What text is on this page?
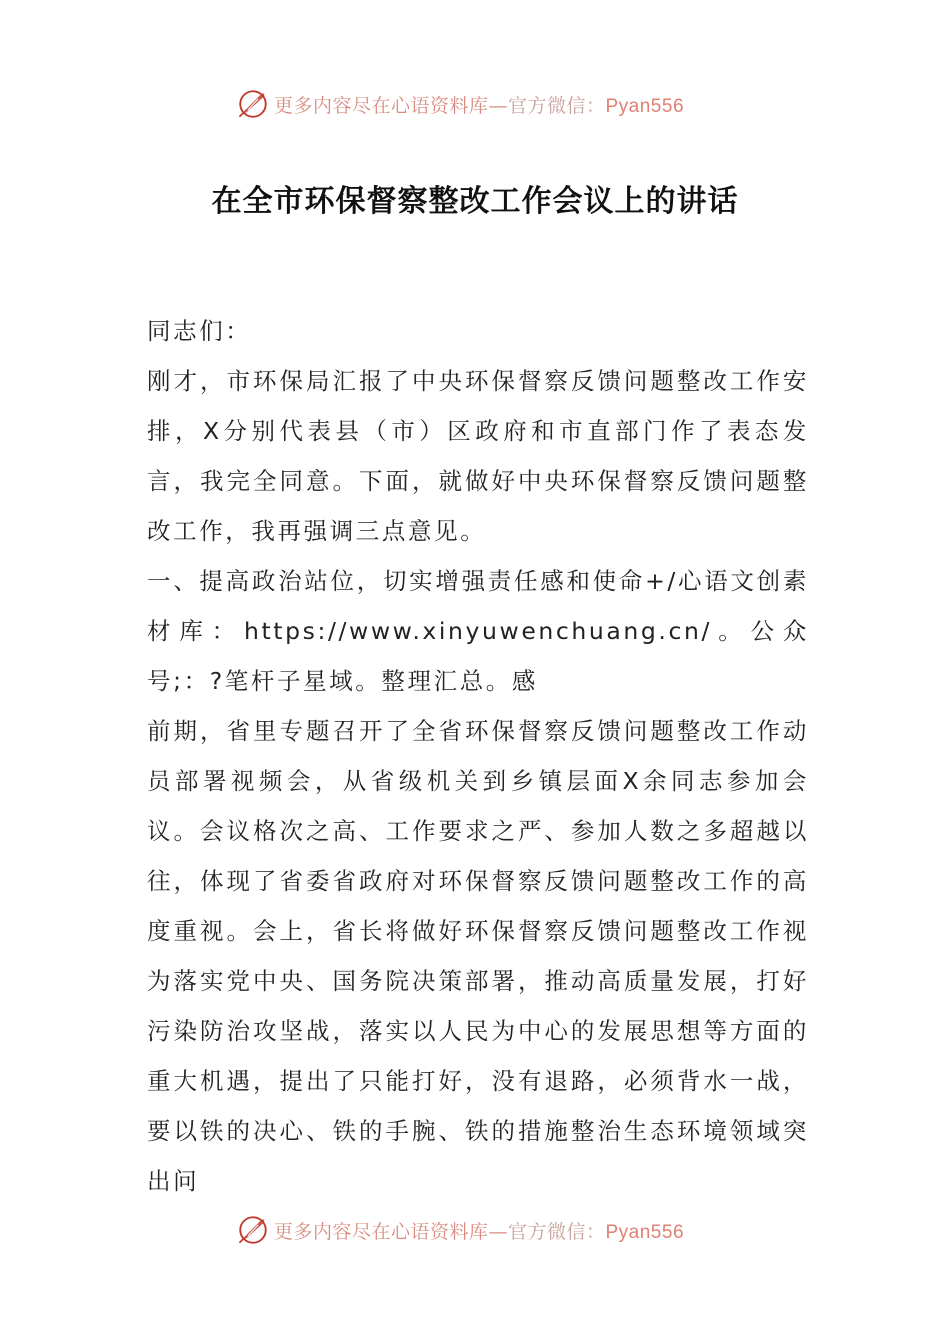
更多内容尽在心语资料库—官方微信：Pyan556
在全市环保督察整改工作会议上的讲话

同志们：

刚才，市环保局汇报了中央环保督察反馈问题整改工作安排，X分别代表县（市）区政府和市直部门作了表态发言，我完全同意。下面，就做好中央环保督察反馈问题整改工作，我再强调三点意见。

一、提高政治站位，切实增强责任感和使命+/心语文创素材库：https://www.xinyuwenchuang.cn/。公众号;：?笔杆子星域。整理汇总。感

前期，省里专题召开了全省环保督察反馈问题整改工作动员部署视频会，从省级机关到乡镇层面X余同志参加会议。会议格次之高、工作要求之严、参加人数之多超越以往，体现了省委省政府对环保督察反馈问题整改工作的高度重视。会上，省长将做好环保督察反馈问题整改工作视为落实党中央、国务院决策部署，推动高质量发展，打好污染防治攻坚战，落实以人民为中心的发展思想等方面的重大机遇，提出了只能打好，没有退路，必须背水一战，要以铁的决心、铁的手腕、铁的措施整治生态环境领域突出问

更多内容尽在心语资料库—官方微信：Pyan556
